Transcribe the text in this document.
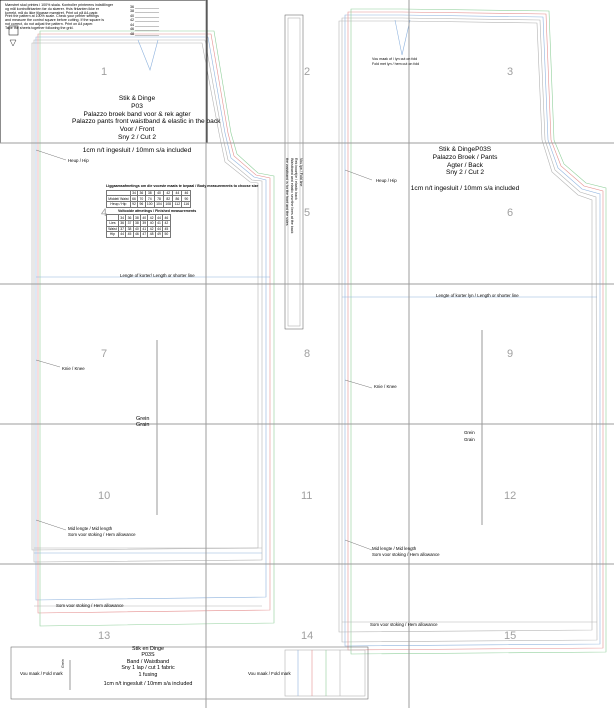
1	2	3
4	5	6
7	8	9
10	11	12
13	14	15
Mønstret skal printes i 100% skala. Kontroller printerens indstillinger
og mål kontrolfirkanten før du skærer. Hvis firkanten ikke er
korrekt, må du ikke tilpasse mønstret. Print ud på A4-papir.
Print the pattern at 100% scale. Check your printer settings
and measure the control square before cutting. If the square is
not correct, do not adjust the pattern. Print on A4 paper.
Tape the sheets together following the grid.
36 ____________
38 ____________
40 ____________
42 ____________
44 ____________
46 ____________
48 ____________
Stik & Dinge
P03
Palazzo broek band voor & rek agter
Palazzo pants front waistband & elastic in the back
Voor / Front
Sny 2 / Cut 2
1cm n/t ingesluit / 10mm s/a included
Heup / Hip
Lengte of korter/ Length or shorter line
Knie / Knee
Grein
Grain
Mid lengte / Mid length
Som voor stoking / Hem allowance
Som voor stoking / Hem allowance
Liggaamsafmetings om die voorste maats te bepaal / Body measurements to choose size
	34	36	38	40	42	44	46
Middel/ Waist	66	70	74	78	82	86	90
Heup / Hip	92	96	100	104	108	112	116
Voltooide afmetings / Finished measurements
	34	36	38	40	42	44	46
Lies	36	37	38	39	40	41	42
Waist	37	38	40	41	42	44	45
Hip	44	45	46	47	48	49	50
Vou lyn / Fold line
Rek boontjie / elastic back
Waistband and elastic sew the lines at the back
the waistband is for the front and the sides
Vou maak of / lyn cut on fold
Fold met lyn / hem cut on fold
Stik & DingeP03S
Palazzo Broek / Pants
Agter / Back
Sny 2 / Cut 2
1cm n/t ingesluit / 10mm s/a included
Heup / Hip
Lengte of korter lyn / Length or shorter line
Knie / Knee
Grein
Grain
Mid lengte / Mid length
Som voor stoking / Hem allowance
Som voor stoking / Hem allowance
Stik en Dinge
P03S
Band / Waistband
Sny 1 lap / cut 1 fabric
1 fusing
1cm n/t ingesluit / 10mm s/a included
Vou maak / Fold mark	Vou maak / Fold mark
Grein
